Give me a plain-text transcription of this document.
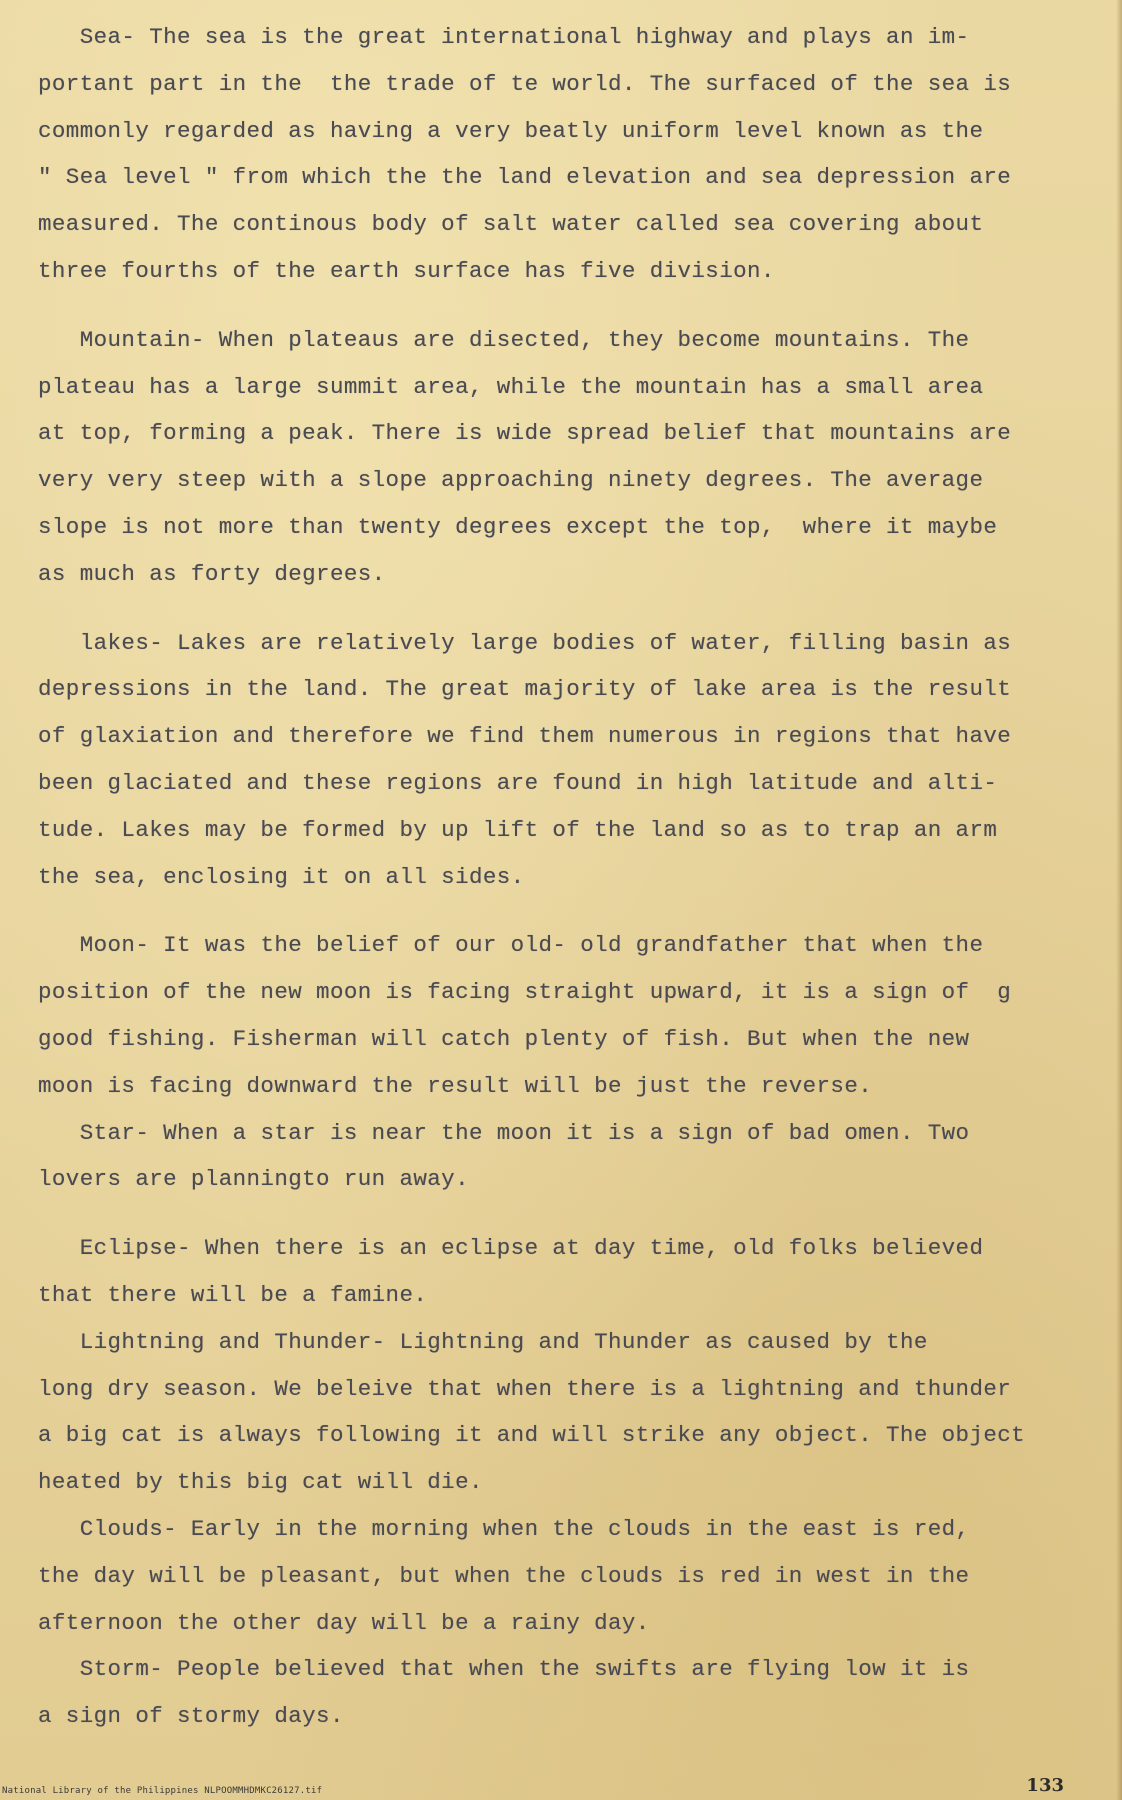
Sea- The sea is the great international highway and plays an im-
portant part in the  the trade of te world. The surfaced of the sea is
commonly regarded as having a very beatly uniform level known as the
" Sea level " from which the the land elevation and sea depression are
measured. The continous body of salt water called sea covering about
three fourths of the earth surface has five division.

Mountain- When plateaus are disected, they become mountains. The
plateau has a large summit area, while the mountain has a small area
at top, forming a peak. There is wide spread belief that mountains are
very very steep with a slope approaching ninety degrees. The average
slope is not more than twenty degrees except the top,  where it maybe
as much as forty degrees.

lakes- Lakes are relatively large bodies of water, filling basin as
depressions in the land. The great majority of lake area is the result
of glaxiation and therefore we find them numerous in regions that have
been glaciated and these regions are found in high latitude and alti-
tude. Lakes may be formed by up lift of the land so as to trap an arm
the sea, enclosing it on all sides.

Moon- It was the belief of our old- old grandfather that when the
position of the new moon is facing straight upward, it is a sign of  g
good fishing. Fisherman will catch plenty of fish. But when the new
moon is facing downward the result will be just the reverse.

Star- When a star is near the moon it is a sign of bad omen. Two
lovers are planningto run away.

Eclipse- When there is an eclipse at day time, old folks believed
that there will be a famine.

Lightning and Thunder- Lightning and Thunder as caused by the
long dry season. We beleive that when there is a lightning and thunder
a big cat is always following it and will strike any object. The object
heated by this big cat will die.

Clouds- Early in the morning when the clouds in the east is red,
the day will be pleasant, but when the clouds is red in west in the
afternoon the other day will be a rainy day.

Storm- People believed that when the swifts are flying low it is
a sign of stormy days.

National Library of the Philippines NLPOOMMHDMKC26127.tif	133
